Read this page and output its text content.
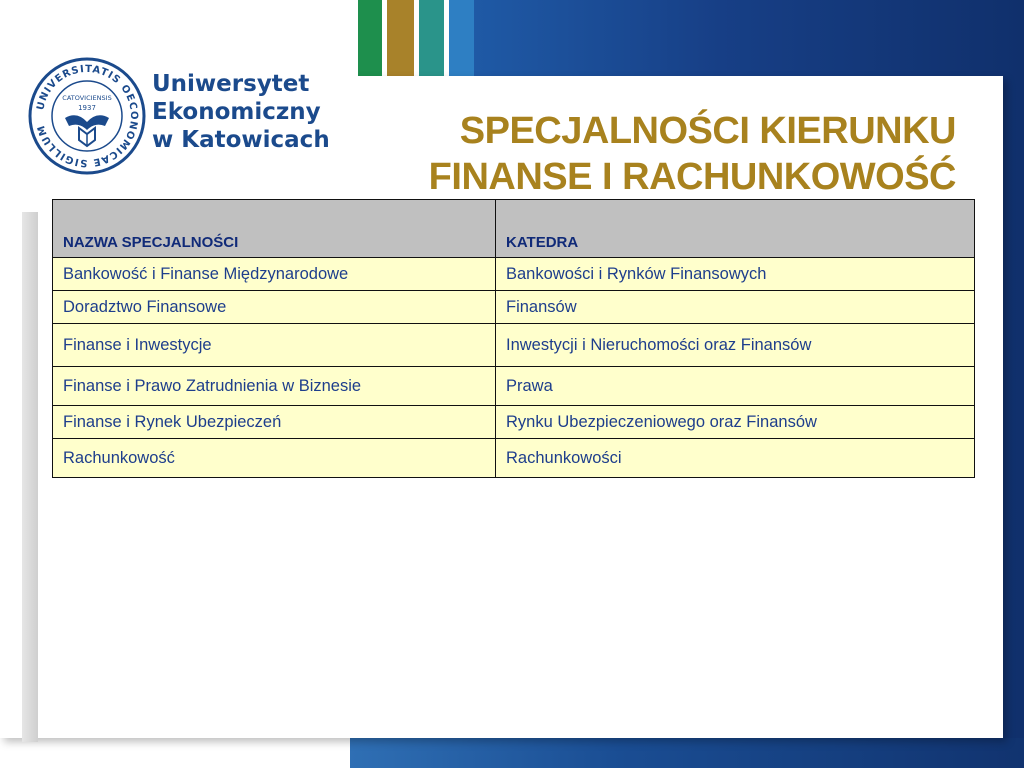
UNIVERSITATIS OECONOMICAE SIGILLUM
CATOVICIENSIS
1937
Uniwersytet
Ekonomiczny
w Katowicach	SPECJALNOŚCI KIERUNKU
FINANSE I RACHUNKOWOŚĆ
NAZWA SPECJALNOŚCI	KATEDRA
Bankowość i Finanse Międzynarodowe	Bankowości i Rynków Finansowych
Doradztwo Finansowe	Finansów
Finanse i Inwestycje	Inwestycji i Nieruchomości oraz Finansów
Finanse i Prawo Zatrudnienia w Biznesie	Prawa
Finanse i Rynek Ubezpieczeń	Rynku Ubezpieczeniowego oraz Finansów
Rachunkowość	Rachunkowości
